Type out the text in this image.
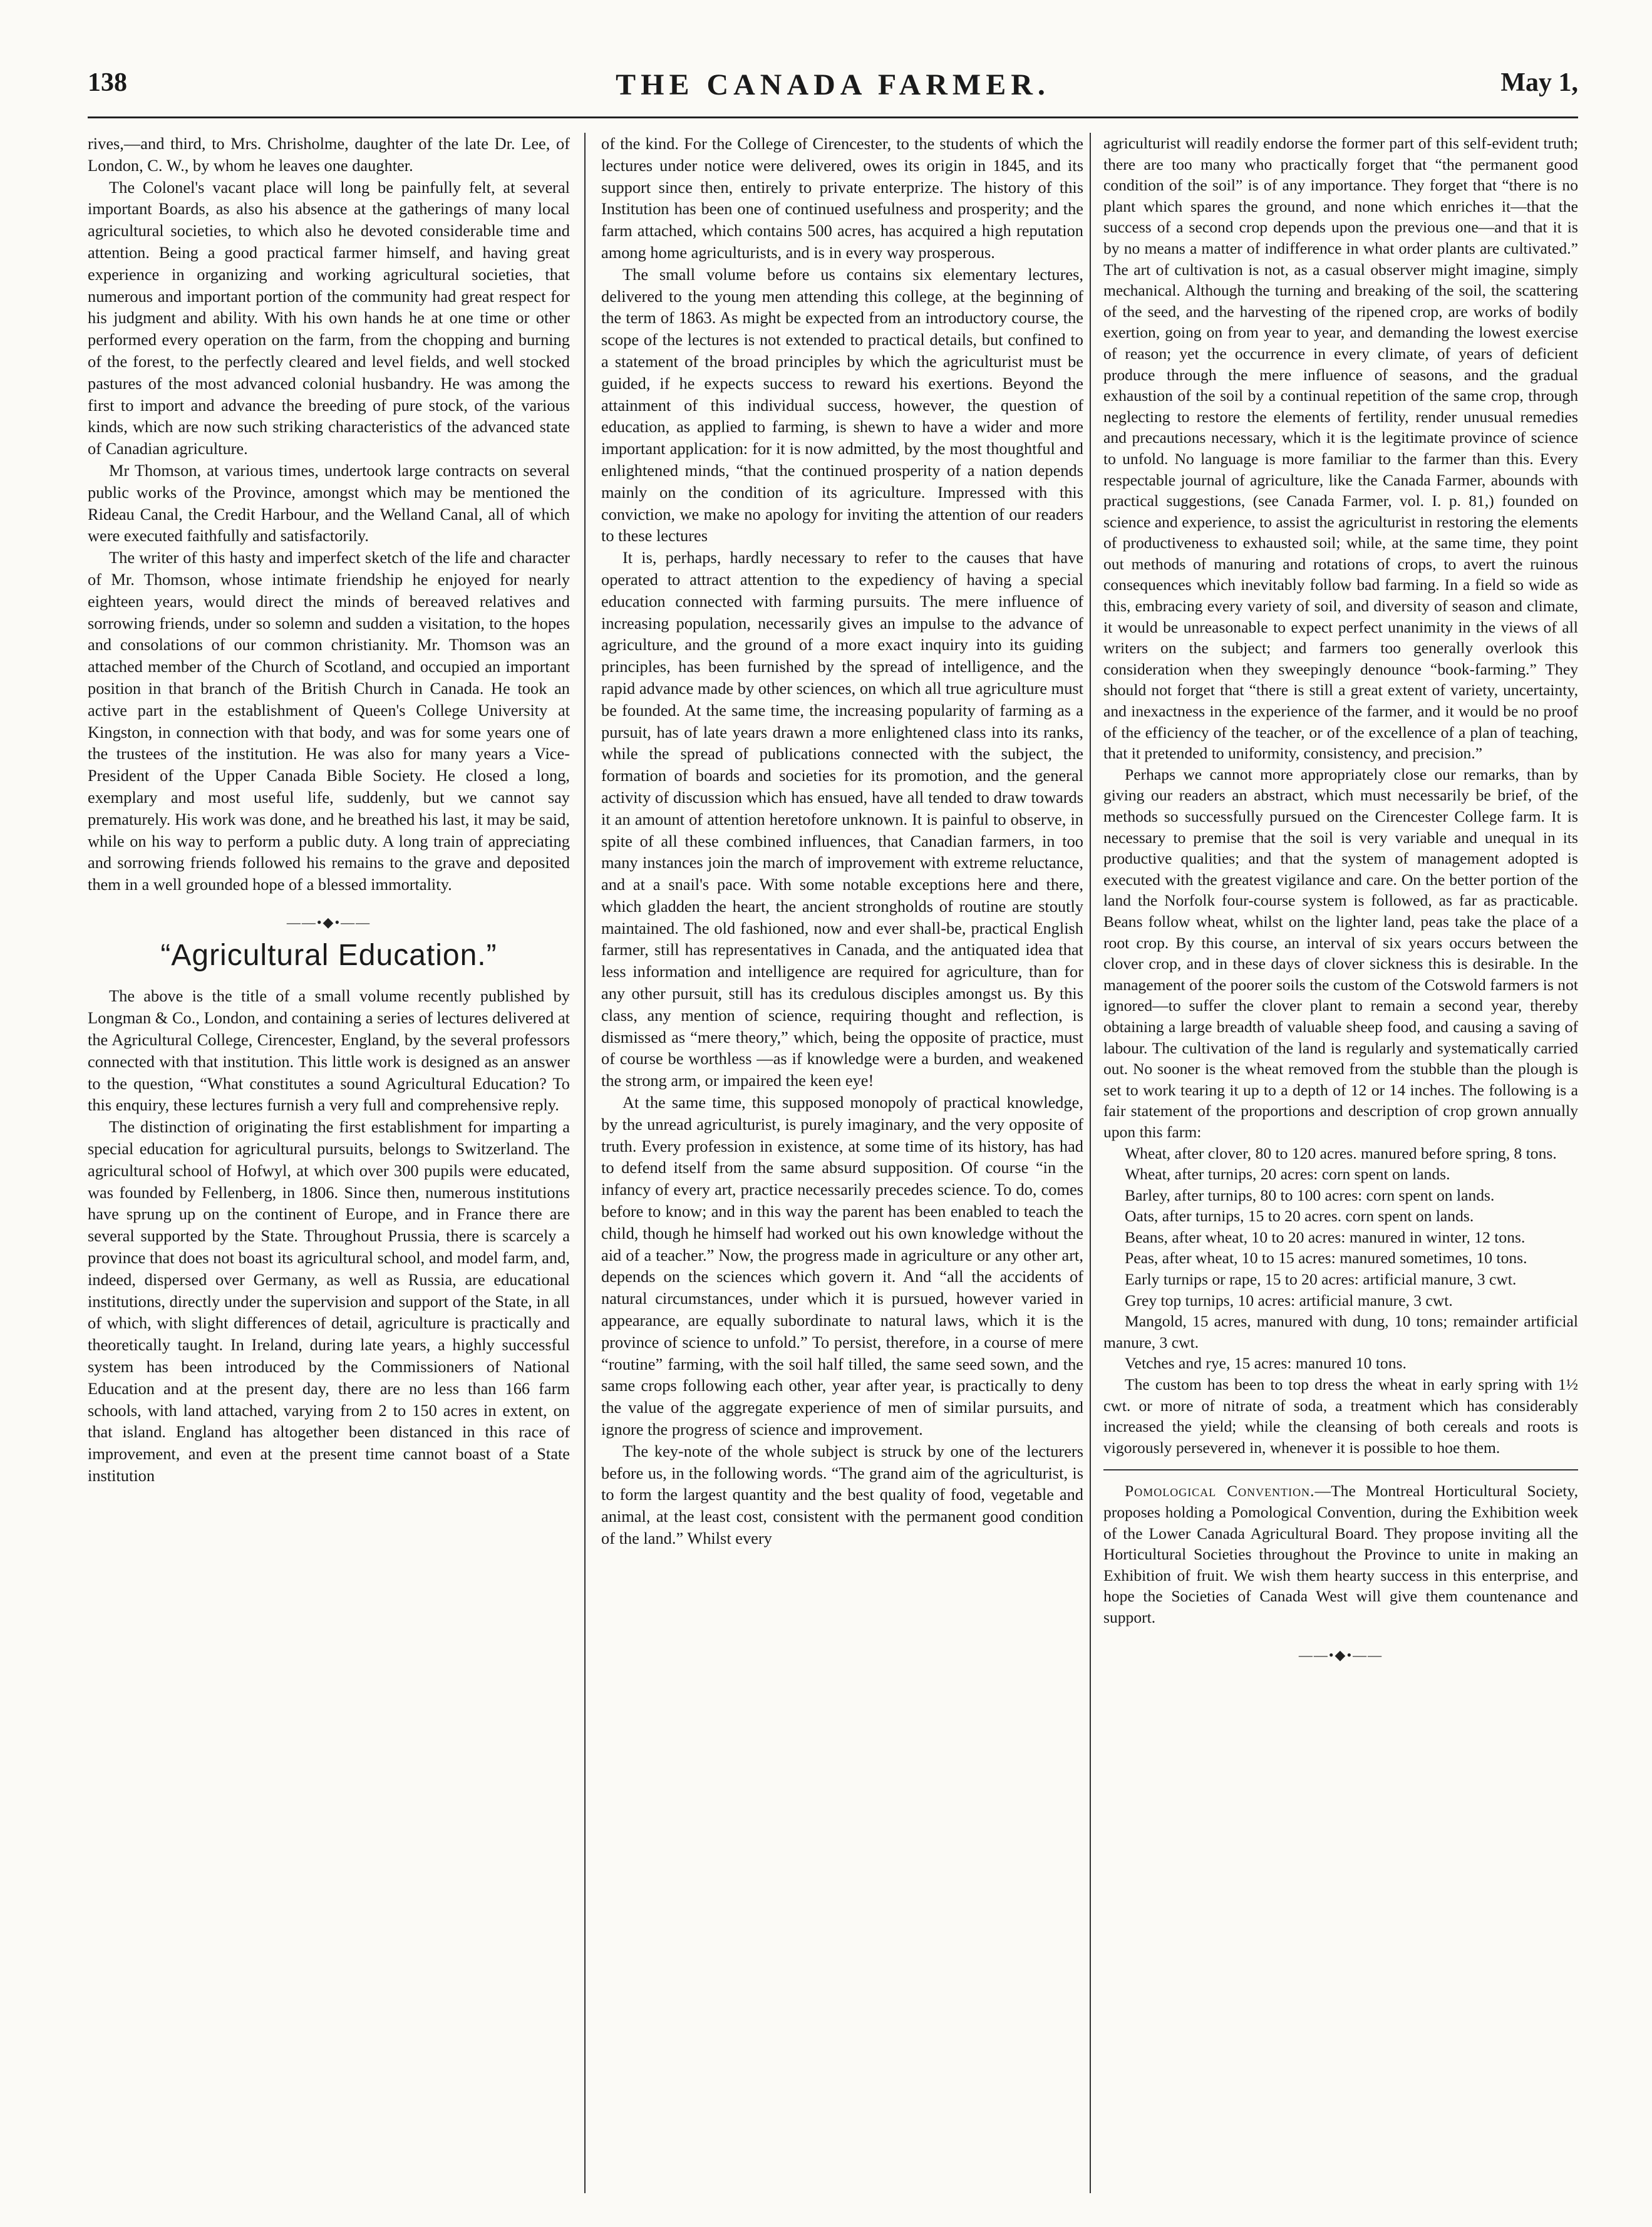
138	THE CANADA FARMER.	May 1,

rives,—and third, to Mrs. Chrisholme, daughter of the late Dr. Lee, of London, C. W., by whom he leaves one daughter.

The Colonel's vacant place will long be painfully felt, at several important Boards, as also his absence at the gatherings of many local agricultural societies, to which also he devoted considerable time and attention. Being a good practical farmer himself, and having great experience in organizing and working agricultural societies, that numerous and important portion of the community had great respect for his judgment and ability. With his own hands he at one time or other performed every operation on the farm, from the chopping and burning of the forest, to the perfectly cleared and level fields, and well stocked pastures of the most advanced colonial husbandry. He was among the first to import and advance the breeding of pure stock, of the various kinds, which are now such striking characteristics of the advanced state of Canadian agriculture.

Mr Thomson, at various times, undertook large contracts on several public works of the Province, amongst which may be mentioned the Rideau Canal, the Credit Harbour, and the Welland Canal, all of which were executed faithfully and satisfactorily.

The writer of this hasty and imperfect sketch of the life and character of Mr. Thomson, whose intimate friendship he enjoyed for nearly eighteen years, would direct the minds of bereaved relatives and sorrowing friends, under so solemn and sudden a visitation, to the hopes and consolations of our common christianity. Mr. Thomson was an attached member of the Church of Scotland, and occupied an important position in that branch of the British Church in Canada. He took an active part in the establishment of Queen's College University at Kingston, in connection with that body, and was for some years one of the trustees of the institution. He was also for many years a Vice-President of the Upper Canada Bible Society. He closed a long, exemplary and most useful life, suddenly, but we cannot say prematurely. His work was done, and he breathed his last, it may be said, while on his way to perform a public duty. A long train of appreciating and sorrowing friends followed his remains to the grave and deposited them in a well grounded hope of a blessed immortality.

——•◆•——
“Agricultural Education.”

The above is the title of a small volume recently published by Longman & Co., London, and containing a series of lectures delivered at the Agricultural College, Cirencester, England, by the several professors connected with that institution. This little work is designed as an answer to the question, “What constitutes a sound Agricultural Education? To this enquiry, these lectures furnish a very full and comprehensive reply.

The distinction of originating the first establishment for imparting a special education for agricultural pursuits, belongs to Switzerland. The agricultural school of Hofwyl, at which over 300 pupils were educated, was founded by Fellenberg, in 1806. Since then, numerous institutions have sprung up on the continent of Europe, and in France there are several supported by the State. Throughout Prussia, there is scarcely a province that does not boast its agricultural school, and model farm, and, indeed, dispersed over Germany, as well as Russia, are educational institutions, directly under the supervision and support of the State, in all of which, with slight differences of detail, agriculture is practically and theoretically taught. In Ireland, during late years, a highly successful system has been introduced by the Commissioners of National Education and at the present day, there are no less than 166 farm schools, with land attached, varying from 2 to 150 acres in extent, on that island. England has altogether been distanced in this race of improvement, and even at the present time cannot boast of a State institution

of the kind. For the College of Cirencester, to the students of which the lectures under notice were delivered, owes its origin in 1845, and its support since then, entirely to private enterprize. The history of this Institution has been one of continued usefulness and prosperity; and the farm attached, which contains 500 acres, has acquired a high reputation among home agriculturists, and is in every way prosperous.

The small volume before us contains six elementary lectures, delivered to the young men attending this college, at the beginning of the term of 1863. As might be expected from an introductory course, the scope of the lectures is not extended to practical details, but confined to a statement of the broad principles by which the agriculturist must be guided, if he expects success to reward his exertions. Beyond the attainment of this individual success, however, the question of education, as applied to farming, is shewn to have a wider and more important application: for it is now admitted, by the most thoughtful and enlightened minds, “that the continued prosperity of a nation depends mainly on the condition of its agriculture. Impressed with this conviction, we make no apology for inviting the attention of our readers to these lectures

It is, perhaps, hardly necessary to refer to the causes that have operated to attract attention to the expediency of having a special education connected with farming pursuits. The mere influence of increasing population, necessarily gives an impulse to the advance of agriculture, and the ground of a more exact inquiry into its guiding principles, has been furnished by the spread of intelligence, and the rapid advance made by other sciences, on which all true agriculture must be founded. At the same time, the increasing popularity of farming as a pursuit, has of late years drawn a more enlightened class into its ranks, while the spread of publications connected with the subject, the formation of boards and societies for its promotion, and the general activity of discussion which has ensued, have all tended to draw towards it an amount of attention heretofore unknown. It is painful to observe, in spite of all these combined influences, that Canadian farmers, in too many instances join the march of improvement with extreme reluctance, and at a snail's pace. With some notable exceptions here and there, which gladden the heart, the ancient strongholds of routine are stoutly maintained. The old fashioned, now and ever shall-be, practical English farmer, still has representatives in Canada, and the antiquated idea that less information and intelligence are required for agriculture, than for any other pursuit, still has its credulous disciples amongst us. By this class, any mention of science, requiring thought and reflection, is dismissed as “mere theory,” which, being the opposite of practice, must of course be worthless —as if knowledge were a burden, and weakened the strong arm, or impaired the keen eye!

At the same time, this supposed monopoly of practical knowledge, by the unread agriculturist, is purely imaginary, and the very opposite of truth. Every profession in existence, at some time of its history, has had to defend itself from the same absurd supposition. Of course “in the infancy of every art, practice necessarily precedes science. To do, comes before to know; and in this way the parent has been enabled to teach the child, though he himself had worked out his own knowledge without the aid of a teacher.” Now, the progress made in agriculture or any other art, depends on the sciences which govern it. And “all the accidents of natural circumstances, under which it is pursued, however varied in appearance, are equally subordinate to natural laws, which it is the province of science to unfold.” To persist, therefore, in a course of mere “routine” farming, with the soil half tilled, the same seed sown, and the same crops following each other, year after year, is practically to deny the value of the aggregate experience of men of similar pursuits, and ignore the progress of science and improvement.

The key-note of the whole subject is struck by one of the lecturers before us, in the following words. “The grand aim of the agriculturist, is to form the largest quantity and the best quality of food, vegetable and animal, at the least cost, consistent with the permanent good condition of the land.” Whilst every

agriculturist will readily endorse the former part of this self-evident truth; there are too many who practically forget that “the permanent good condition of the soil” is of any importance. They forget that “there is no plant which spares the ground, and none which enriches it—that the success of a second crop depends upon the previous one—and that it is by no means a matter of indifference in what order plants are cultivated.” The art of cultivation is not, as a casual observer might imagine, simply mechanical. Although the turning and breaking of the soil, the scattering of the seed, and the harvesting of the ripened crop, are works of bodily exertion, going on from year to year, and demanding the lowest exercise of reason; yet the occurrence in every climate, of years of deficient produce through the mere influence of seasons, and the gradual exhaustion of the soil by a continual repetition of the same crop, through neglecting to restore the elements of fertility, render unusual remedies and precautions necessary, which it is the legitimate province of science to unfold. No language is more familiar to the farmer than this. Every respectable journal of agriculture, like the Canada Farmer, abounds with practical suggestions, (see Canada Farmer, vol. I. p. 81,) founded on science and experience, to assist the agriculturist in restoring the elements of productiveness to exhausted soil; while, at the same time, they point out methods of manuring and rotations of crops, to avert the ruinous consequences which inevitably follow bad farming. In a field so wide as this, embracing every variety of soil, and diversity of season and climate, it would be unreasonable to expect perfect unanimity in the views of all writers on the subject; and farmers too generally overlook this consideration when they sweepingly denounce “book-farming.” They should not forget that “there is still a great extent of variety, uncertainty, and inexactness in the experience of the farmer, and it would be no proof of the efficiency of the teacher, or of the excellence of a plan of teaching, that it pretended to uniformity, consistency, and precision.”

Perhaps we cannot more appropriately close our remarks, than by giving our readers an abstract, which must necessarily be brief, of the methods so successfully pursued on the Cirencester College farm. It is necessary to premise that the soil is very variable and unequal in its productive qualities; and that the system of management adopted is executed with the greatest vigilance and care. On the better portion of the land the Norfolk four-course system is followed, as far as practicable. Beans follow wheat, whilst on the lighter land, peas take the place of a root crop. By this course, an interval of six years occurs between the clover crop, and in these days of clover sickness this is desirable. In the management of the poorer soils the custom of the Cotswold farmers is not ignored—to suffer the clover plant to remain a second year, thereby obtaining a large breadth of valuable sheep food, and causing a saving of labour. The cultivation of the land is regularly and systematically carried out. No sooner is the wheat removed from the stubble than the plough is set to work tearing it up to a depth of 12 or 14 inches. The following is a fair statement of the proportions and description of crop grown annually upon this farm:

Wheat, after clover, 80 to 120 acres. manured before spring, 8 tons.

Wheat, after turnips, 20 acres: corn spent on lands.

Barley, after turnips, 80 to 100 acres: corn spent on lands.

Oats, after turnips, 15 to 20 acres. corn spent on lands.

Beans, after wheat, 10 to 20 acres: manured in winter, 12 tons.

Peas, after wheat, 10 to 15 acres: manured sometimes, 10 tons.

Early turnips or rape, 15 to 20 acres: artificial manure, 3 cwt.

Grey top turnips, 10 acres: artificial manure, 3 cwt.

Mangold, 15 acres, manured with dung, 10 tons; remainder artificial manure, 3 cwt.

Vetches and rye, 15 acres: manured 10 tons.

The custom has been to top dress the wheat in early spring with 1½ cwt. or more of nitrate of soda, a treatment which has considerably increased the yield; while the cleansing of both cereals and roots is vigorously persevered in, whenever it is possible to hoe them.

Pomological Convention.—The Montreal Horticultural Society, proposes holding a Pomological Convention, during the Exhibition week of the Lower Canada Agricultural Board. They propose inviting all the Horticultural Societies throughout the Province to unite in making an Exhibition of fruit. We wish them hearty success in this enterprise, and hope the Societies of Canada West will give them countenance and support.

——•◆•——
